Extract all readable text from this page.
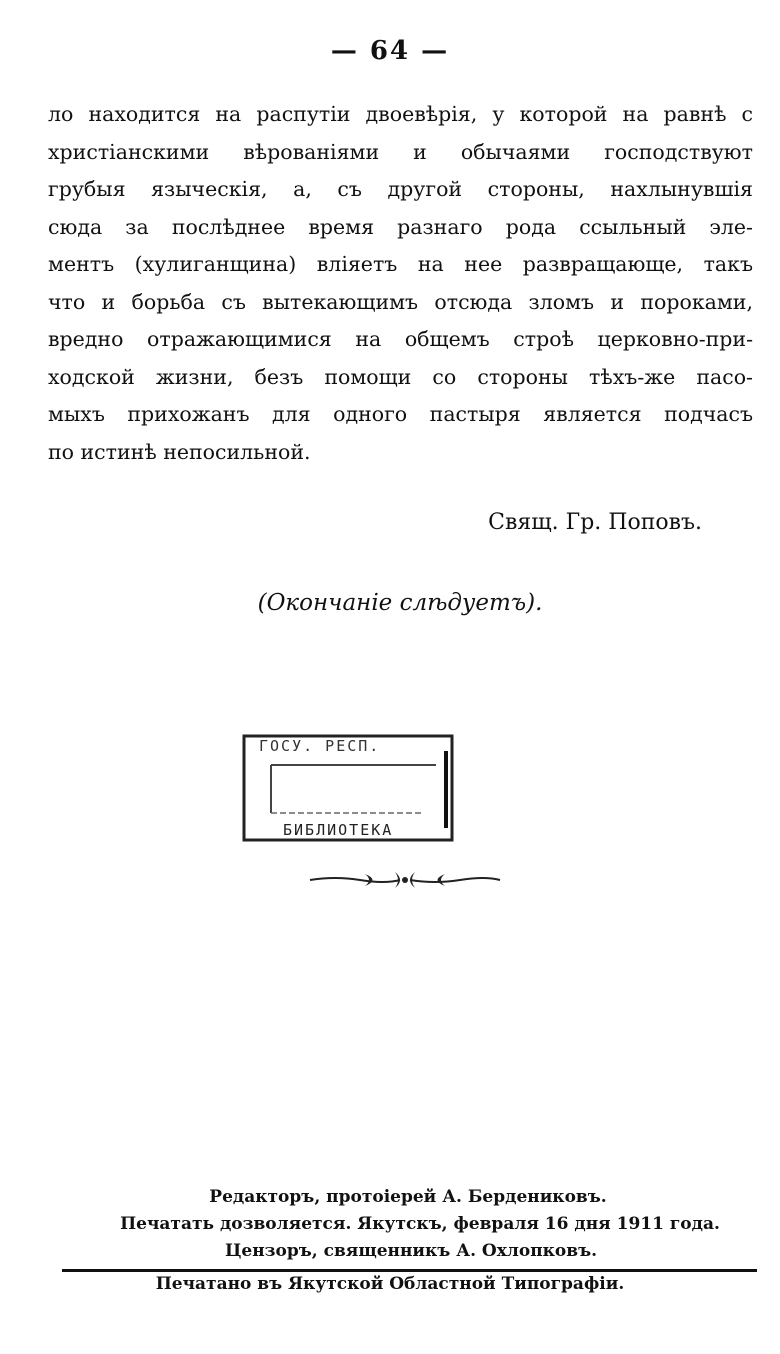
— 64 —
ло находится на распутіи двоевѣрія, у которой на равнѣ с
христіанскими вѣрованіями и обычаями господствуют
грубыя языческія, а, съ другой стороны, нахлынувшія
сюда за послѣднее время разнаго рода ссыльный эле-
ментъ (хулиганщина) вліяетъ на нее развращающе, такъ
что и борьба съ вытекающимъ отсюда зломъ и пороками,
вредно отражающимися на общемъ строѣ церковно-при-
ходской жизни, безъ помощи со стороны тѣхъ-же пасо-
мыхъ прихожанъ для одного пастыря является подчасъ
по истинѣ непосильной.
Свящ. Гр. Поповъ.
(Окончаніе слѣдуетъ).
ГОСУ. РЕСП.
БИБЛИОТЕКА
Редакторъ, протоіерей А. Бердениковъ.
Печатать дозволяется. Якутскъ, февраля 16 дня 1911 года.
Цензоръ, священникъ А. Охлопковъ.
Печатано въ Якутской Областной Типографіи.
